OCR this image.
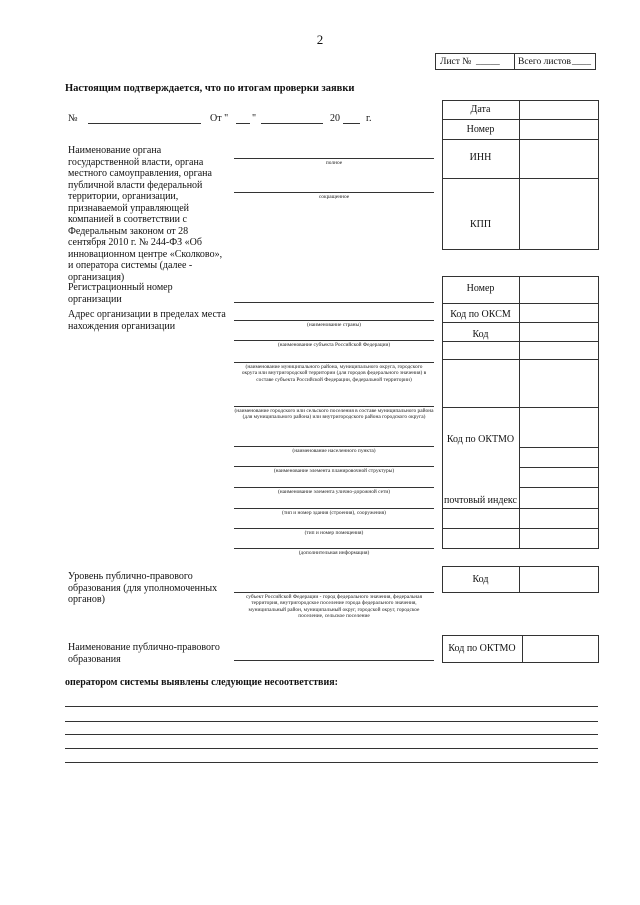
2
Лист № _____ Всего листов ____
Настоящим подтверждается, что по итогам проверки заявки
№	От " "	20	г.
Дата
Номер
ИНН
КПП
Наименование органа государственной власти, органа местного самоуправления, органа публичной власти федеральной территории, организации, признаваемой управляющей компанией в соответствии с Федеральным законом от 28 сентября 2010 г. № 244-ФЗ «Об инновационном центре «Сколково», и оператора системы (далее - организация)
полное
сокращенное
Регистрационный номер организации
Номер
Адрес организации в пределах места нахождения организации
Код по ОКСМ
Код
Код по ОКТМО
почтовый индекс
(наименование страны)
(наименование субъекта Российской Федерации)
(наименование муниципального района, муниципального округа, городского округа или внутригородской территории (для городов федерального значения) в составе субъекта Российской Федерации, федеральной территории)
(наименование городского или сельского поселения в составе муниципального района (для муниципального района) или внутригородского района городского округа)
(наименование населенного пункта)
(наименование элемента планировочной структуры)
(наименование элемента улично-дорожной сети)
(тип и номер здания (строения), сооружения)
(тип и номер помещения)
(дополнительная информация)
Уровень публично-правового образования (для уполномоченных органов)
Код
субъект Российской Федерации - город федерального значения, федеральная территория, внутригородское поселение города федерального значения, муниципальный район, муниципальный округ, городской округ, городское поселение, сельское поселение
Наименование публично-правового образования
Код по ОКТМО
оператором системы выявлены следующие несоответствия:
